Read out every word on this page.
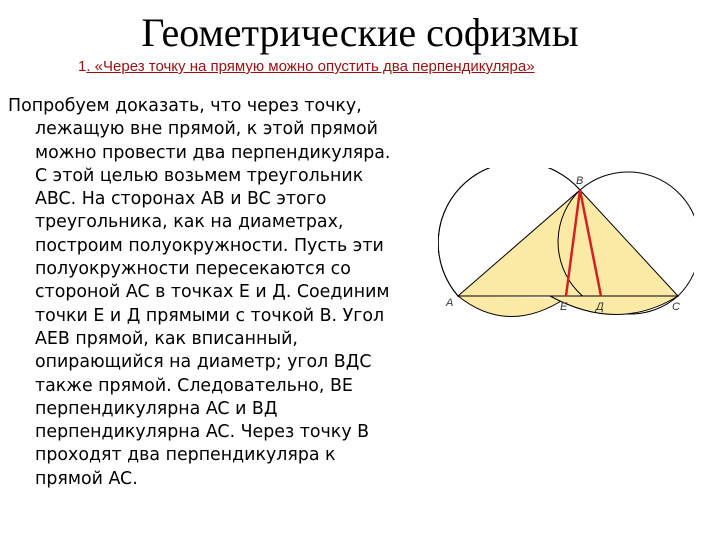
Геометрические софизмы
1. «Через точку на прямую можно опустить два перпендикуляра»
Попробуем доказать, что через точку,
лежащую вне прямой, к этой прямой
можно провести два перпендикуляра.
С этой целью возьмем треугольник
ABC. На сторонах AB и BC этого
треугольника, как на диаметрах,
построим полуокружности. Пусть эти
полуокружности пересекаются со
стороной AC в точках E и Д. Соединим
точки E и Д прямыми с точкой B. Угол
AEB прямой, как вписанный,
опирающийся на диаметр; угол ВДС
также прямой. Следовательно, BE
перпендикулярна AC и ВД
перпендикулярна AC. Через точку B
проходят два перпендикуляра к
прямой AC.
B
A	E	Д	C
